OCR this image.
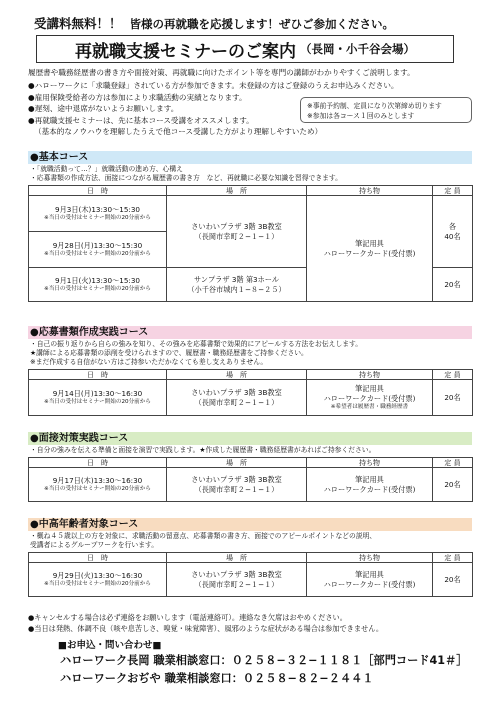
受講料無料！！ 皆様の再就職を応援します！ぜひご参加ください。
再就職支援セミナーのご案内 （長岡・小千谷会場）
履歴書や職務経歴書の書き方や面接対策、再就職に向けたポイント等を専門の講師がわかりやすくご説明します。
●ハローワークに「求職登録」されている方が参加できます。未登録の方はご登録のうえお申込みください。
●雇用保険受給者の方は参加により求職活動の実績となります。
●遅刻、途中退席がないようお願いします。
●再就職支援セミナーは、先に基本コース受講をオススメします。
（基本的なノウハウを理解したうえで他コース受講した方がより理解しやすいため）
※事前予約制、定員になり次第締め切ります
※参加は各コース１回のみとします
●基本コース
・「就職活動って…？」就職活動の進め方、心構え
・応募書類の作成方法、面接につながる履歴書の書き方　など、再就職に必要な知識を習得できます。
日　時	場　所	持ち物	定 員

9月3日(木)13:30～15:30
※当日の受付はセミナー開始の20分前から	さいわいプラザ 3階 3B教室
（長岡市幸町２−１−１）	筆記用具
ハローワークカード(受付票)	各
40名

9月28日(月)13:30～15:30
※当日の受付はセミナー開始の20分前から			

9月1日(火)13:30～15:30
※当日の受付はセミナー開始の20分前から	サンプラザ 3階 第3ホール
（小千谷市城内１−８−２５）		20名
●応募書類作成実践コース
・自己の振り返りから自らの強みを知り、その強みを応募書類で効果的にアピールする方法をお伝えします。
★講師による応募書類の添削を受けられますので、履歴書・職務経歴書をご持参ください。
※まだ作成する自信がない方はご持参いただかなくても差し支えありません。
日　時	場　所	持ち物	定 員

9月14日(月)13:30～16:30
※当日の受付はセミナー開始の20分前から	さいわいプラザ 3階 3B教室
（長岡市幸町２−１−１）	筆記用具
ハローワークカード(受付票)
※希望者は履歴書・職務経歴書	20名
●面接対策実践コース
・自分の強みを伝える準備と面接を演習で実践します。★作成した履歴書・職務経歴書があればご持参ください。
日　時	場　所	持ち物	定 員

9月17日(木)13:30～16:30
※当日の受付はセミナー開始の20分前から	さいわいプラザ 3階 3B教室
（長岡市幸町２−１−１）	筆記用具
ハローワークカード(受付票)	20名
●中高年齢者対象コース
・概ね４５歳以上の方を対象に、求職活動の留意点、応募書類の書き方、面接でのアピールポイントなどの説明、
受講者によるグループワークを行います。
日　時	場　所	持ち物	定 員

9月29日(火)13:30～16:30
※当日の受付はセミナー開始の20分前から	さいわいプラザ 3階 3B教室
（長岡市幸町２−１−１）	筆記用具
ハローワークカード(受付票)	20名
●キャンセルする場合は必ず連絡をお願いします（電話連絡可）。連絡なき欠席はおやめください。
●当日は発熱、体調不良（咳や息苦しさ、嗅覚・味覚障害）、風邪のような症状がある場合は参加できません。
■お申込・問い合わせ■
ハローワーク長岡 職業相談窓口：０２５８−３２−１１８１［部門コード41＃］
ハローワークおぢや 職業相談窓口：０２５８−８２−２４４１
